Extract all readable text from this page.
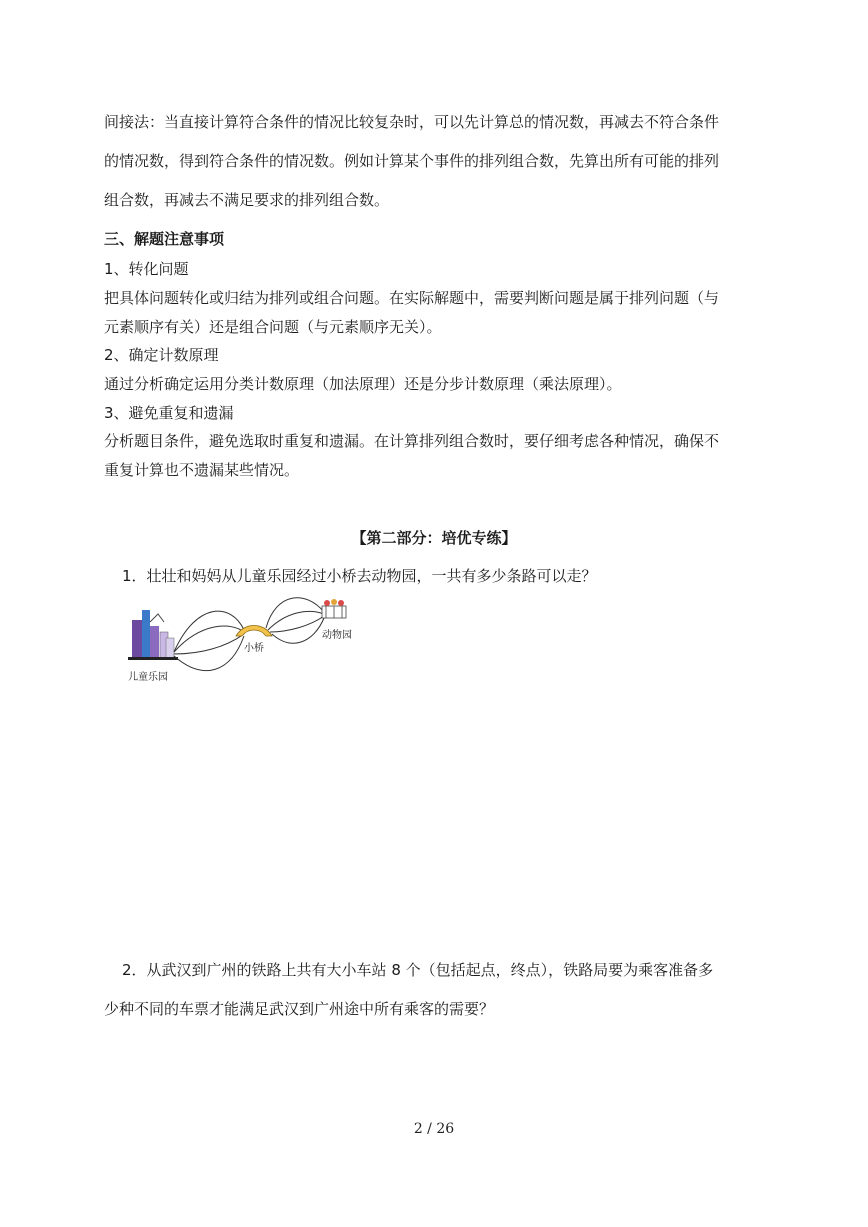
间接法：当直接计算符合条件的情况比较复杂时，可以先计算总的情况数，再减去不符合条件
的情况数，得到符合条件的情况数。例如计算某个事件的排列组合数，先算出所有可能的排列
组合数，再减去不满足要求的排列组合数。
三、解题注意事项
1、转化问题
把具体问题转化或归结为排列或组合问题。在实际解题中，需要判断问题是属于排列问题（与
元素顺序有关）还是组合问题（与元素顺序无关）。
2、确定计数原理
通过分析确定运用分类计数原理（加法原理）还是分步计数原理（乘法原理）。
3、避免重复和遗漏
分析题目条件，避免选取时重复和遗漏。在计算排列组合数时，要仔细考虑各种情况，确保不
重复计算也不遗漏某些情况。
【第二部分：培优专练】
1．壮壮和妈妈从儿童乐园经过小桥去动物园，一共有多少条路可以走？
儿童乐园
小桥
动物园
2．从武汉到广州的铁路上共有大小车站 8 个（包括起点，终点），铁路局要为乘客准备多
少种不同的车票才能满足武汉到广州途中所有乘客的需要？
2 / 26
